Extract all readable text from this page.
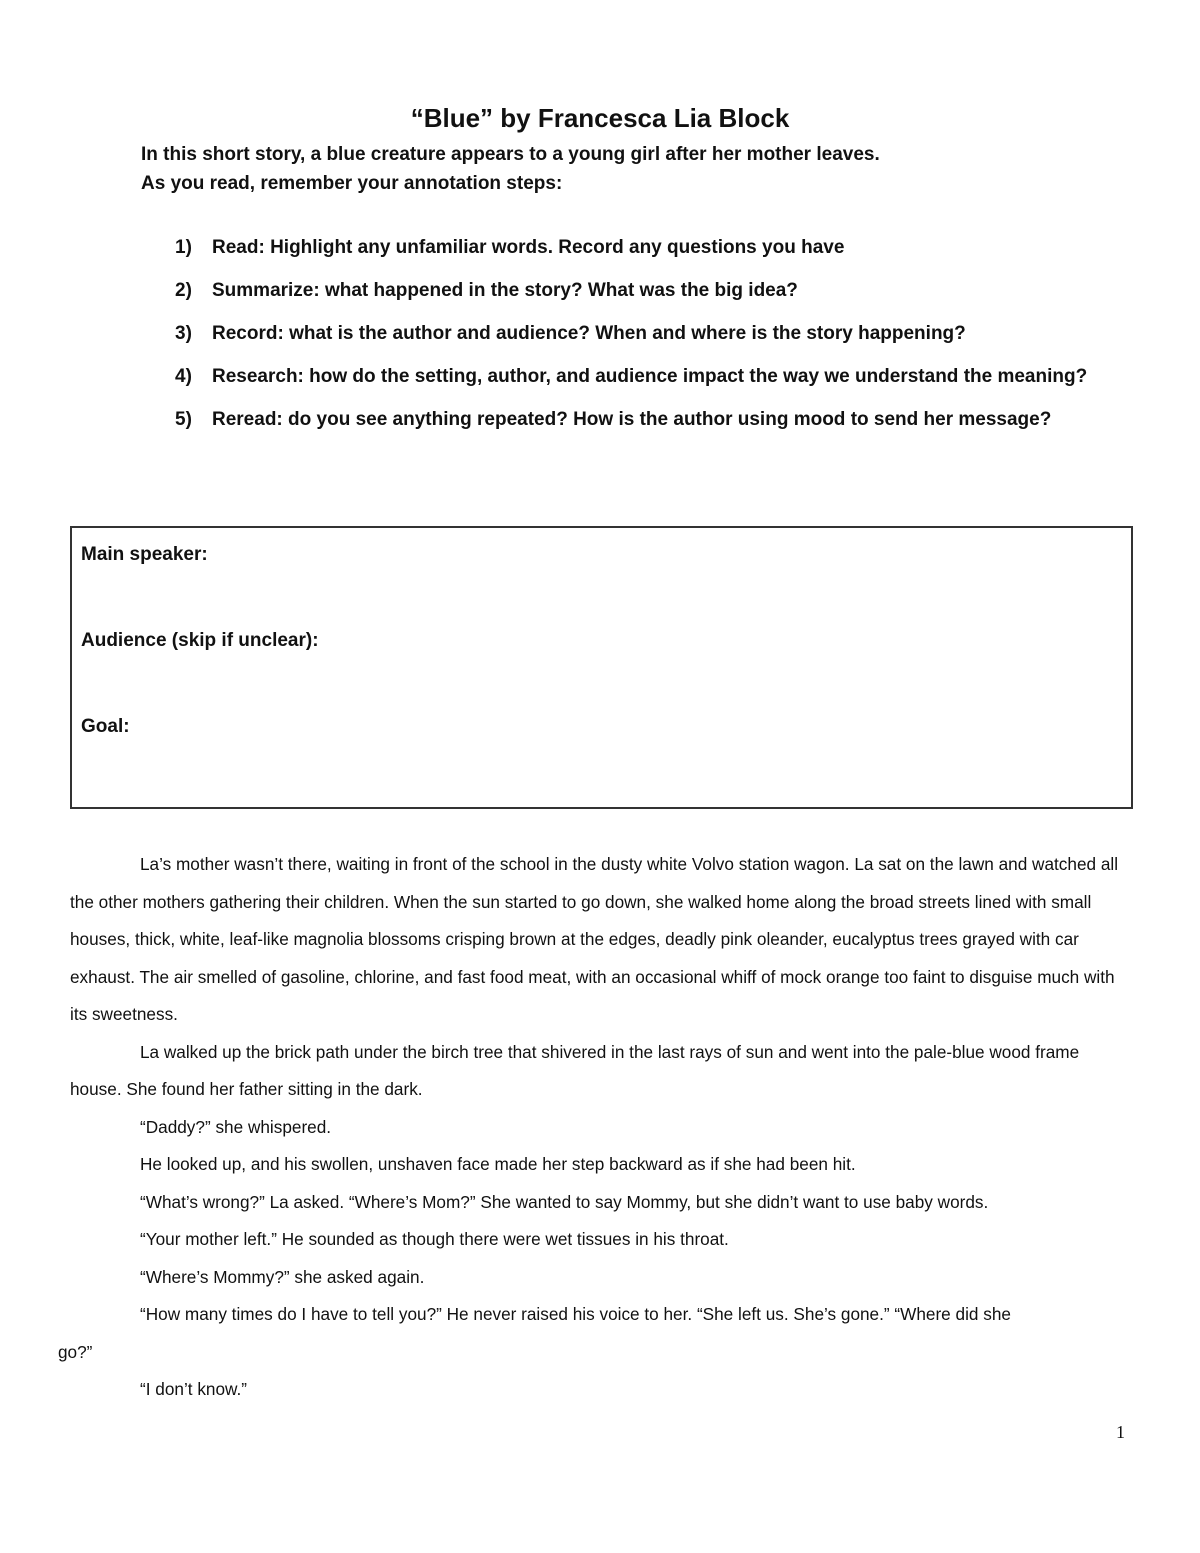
“Blue” by Francesca Lia Block
In this short story, a blue creature appears to a young girl after her mother leaves.
As you read, remember your annotation steps:
1) Read: Highlight any unfamiliar words. Record any questions you have
2) Summarize: what happened in the story? What was the big idea?
3) Record: what is the author and audience? When and where is the story happening?
4) Research: how do the setting, author, and audience impact the way we understand the meaning?
5) Reread: do you see anything repeated? How is the author using mood to send her message?
Main speaker:
Audience (skip if unclear):
Goal:

La’s mother wasn’t there, waiting in front of the school in the dusty white Volvo station wagon. La sat on the lawn and watched all the other mothers gathering their children. When the sun started to go down, she walked home along the broad streets lined with small houses, thick, white, leaf-like magnolia blossoms crisping brown at the edges, deadly pink oleander, eucalyptus trees grayed with car exhaust. The air smelled of gasoline, chlorine, and fast food meat, with an occasional whiff of mock orange too faint to disguise much with its sweetness.

La walked up the brick path under the birch tree that shivered in the last rays of sun and went into the pale-blue wood frame house. She found her father sitting in the dark.

“Daddy?” she whispered.

He looked up, and his swollen, unshaven face made her step backward as if she had been hit.

“What’s wrong?” La asked. “Where’s Mom?” She wanted to say Mommy, but she didn’t want to use baby words.

“Your mother left.” He sounded as though there were wet tissues in his throat.

“Where’s Mommy?” she asked again.

“How many times do I have to tell you?” He never raised his voice to her. “She left us. She’s gone.” “Where did she

go?”

“I don’t know.”

1
